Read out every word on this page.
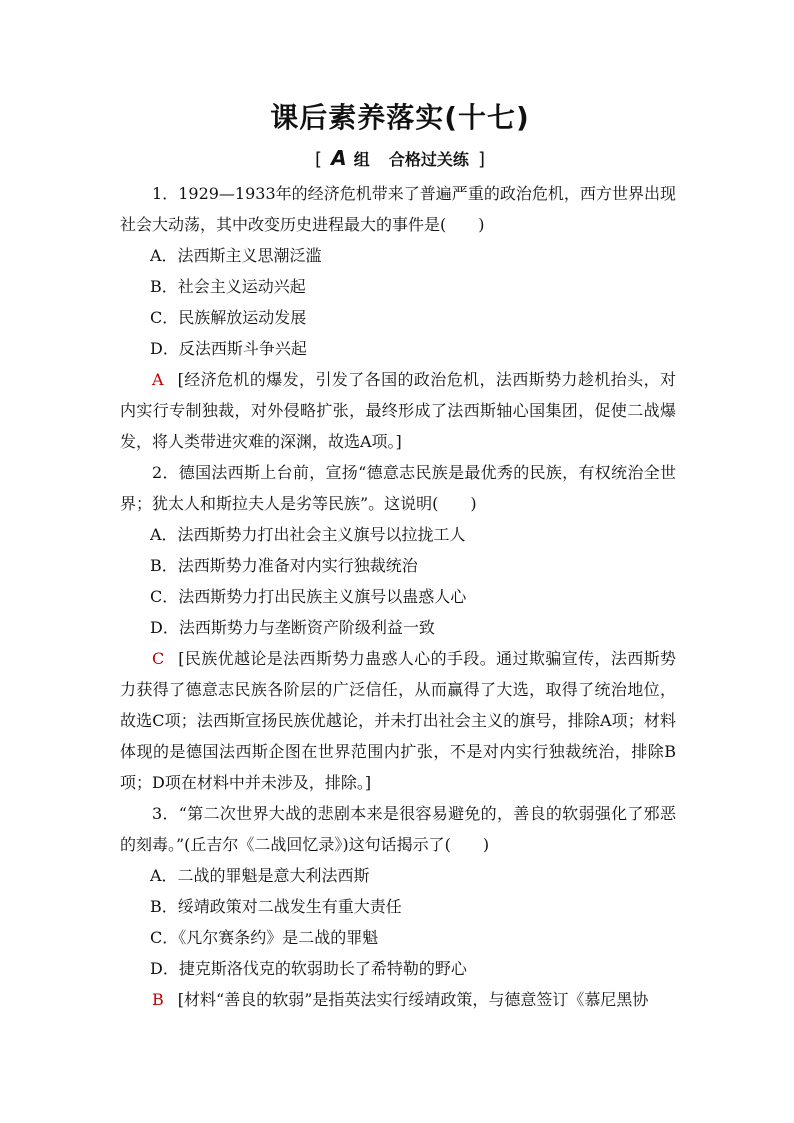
课后素养落实(十七)
[ A 组 合格过关练 ]

1．1929—1933年的经济危机带来了普遍严重的政治危机，西方世界出现社会大动荡，其中改变历史进程最大的事件是(　　)

A．法西斯主义思潮泛滥

B．社会主义运动兴起

C．民族解放运动发展

D．反法西斯斗争兴起

A [经济危机的爆发，引发了各国的政治危机，法西斯势力趁机抬头，对内实行专制独裁，对外侵略扩张，最终形成了法西斯轴心国集团，促使二战爆发，将人类带进灾难的深渊，故选A项。]

2．德国法西斯上台前，宣扬“德意志民族是最优秀的民族，有权统治全世界；犹太人和斯拉夫人是劣等民族”。这说明(　　)

A．法西斯势力打出社会主义旗号以拉拢工人

B．法西斯势力准备对内实行独裁统治

C．法西斯势力打出民族主义旗号以蛊惑人心

D．法西斯势力与垄断资产阶级利益一致

C [民族优越论是法西斯势力蛊惑人心的手段。通过欺骗宣传，法西斯势力获得了德意志民族各阶层的广泛信任，从而赢得了大选，取得了统治地位，故选C项；法西斯宣扬民族优越论，并未打出社会主义的旗号，排除A项；材料体现的是德国法西斯企图在世界范围内扩张，不是对内实行独裁统治，排除B项；D项在材料中并未涉及，排除。]

3．“第二次世界大战的悲剧本来是很容易避免的，善良的软弱强化了邪恶的刻毒。”(丘吉尔《二战回忆录》)这句话揭示了(　　)

A．二战的罪魁是意大利法西斯

B．绥靖政策对二战发生有重大责任

C．《凡尔赛条约》是二战的罪魁

D．捷克斯洛伐克的软弱助长了希特勒的野心

B [材料“善良的软弱”是指英法实行绥靖政策，与德意签订《慕尼黑协
